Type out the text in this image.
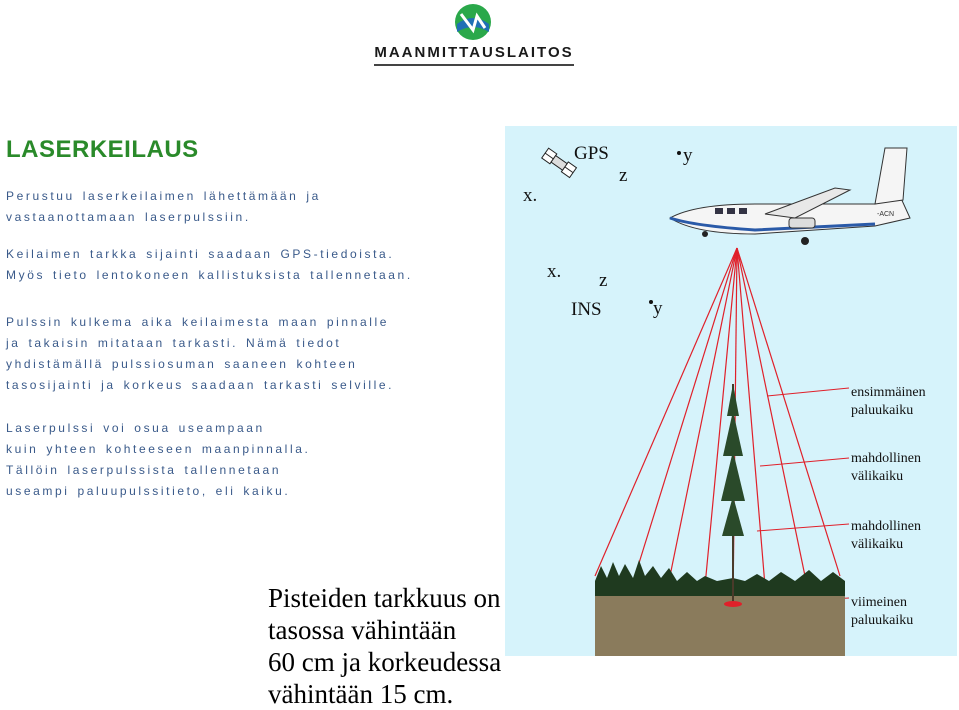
MAANMITTAUSLAITOS
LASERKEILAUS
Perustuu laserkeilaimen lähettämään ja
vastaanottamaan laserpulssiin.
Keilaimen tarkka sijainti saadaan GPS-tiedoista.
Myös tieto lentokoneen kallistuksista tallennetaan.
Pulssin kulkema aika keilaimesta maan pinnalle
ja takaisin mitataan tarkasti. Nämä tiedot
yhdistämällä pulssiosuman saaneen kohteen
tasosijainti ja korkeus saadaan tarkasti selville.
Laserpulssi voi osua useampaan
kuin yhteen kohteeseen maanpinnalla.
Tällöin laserpulssista tallennetaan
useampi paluupulssitieto, eli kaiku.
GPS
x.
z
y
-ACN
x. z
INS	y
ensimmäinen
paluukaiku
mahdollinen
välikaiku
mahdollinen
välikaiku
viimeinen
paluukaiku
Pisteiden tarkkuus on
tasossa vähintään
60 cm ja korkeudessa
vähintään 15 cm.
